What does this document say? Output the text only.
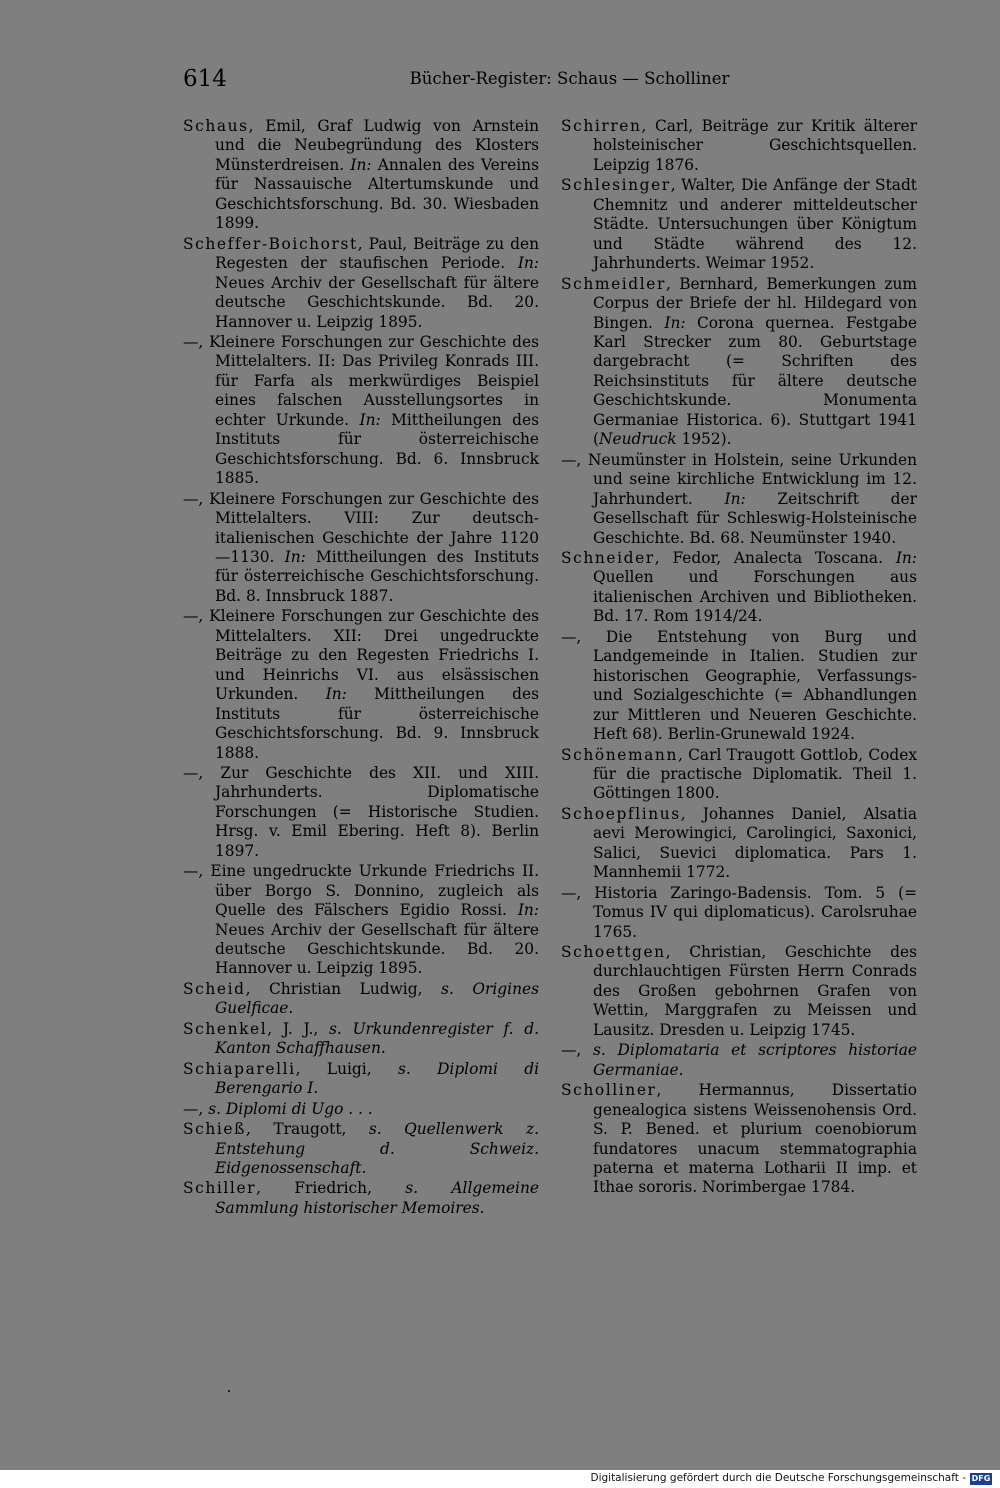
614	Bücher-Register: Schaus — Scholliner

Schaus, Emil, Graf Ludwig von Arnstein und die Neubegründung des Klosters Münsterdreisen. In: Annalen des Vereins für Nassauische Altertumskunde und Geschichtsforschung. Bd. 30. Wiesbaden 1899.

Scheffer-Boichorst, Paul, Beiträge zu den Regesten der staufischen Periode. In: Neues Archiv der Gesellschaft für ältere deutsche Geschichtskunde. Bd. 20. Hannover u. Leipzig 1895.

—, Kleinere Forschungen zur Geschichte des Mittelalters. II: Das Privileg Konrads III. für Farfa als merkwürdiges Beispiel eines falschen Ausstellungsortes in echter Urkunde. In: Mittheilungen des Instituts für österreichische Geschichtsforschung. Bd. 6. Innsbruck 1885.

—, Kleinere Forschungen zur Geschichte des Mittelalters. VIII: Zur deutsch-italienischen Geschichte der Jahre 1120—1130. In: Mittheilungen des Instituts für österreichische Geschichtsforschung. Bd. 8. Innsbruck 1887.

—, Kleinere Forschungen zur Geschichte des Mittelalters. XII: Drei ungedruckte Beiträge zu den Regesten Friedrichs I. und Heinrichs VI. aus elsässischen Urkunden. In: Mittheilungen des Instituts für österreichische Geschichtsforschung. Bd. 9. Innsbruck 1888.

—, Zur Geschichte des XII. und XIII. Jahrhunderts. Diplomatische Forschungen (= Historische Studien. Hrsg. v. Emil Ebering. Heft 8). Berlin 1897.

—, Eine ungedruckte Urkunde Friedrichs II. über Borgo S. Donnino, zugleich als Quelle des Fälschers Egidio Rossi. In: Neues Archiv der Gesellschaft für ältere deutsche Geschichtskunde. Bd. 20. Hannover u. Leipzig 1895.

Scheid, Christian Ludwig, s. Origines Guelficae.

Schenkel, J. J., s. Urkundenregister f. d. Kanton Schaffhausen.

Schiaparelli, Luigi, s. Diplomi di Berengario I.

—, s. Diplomi di Ugo . . .

Schieß, Traugott, s. Quellenwerk z. Entstehung d. Schweiz. Eidgenossenschaft.

Schiller, Friedrich, s. Allgemeine Sammlung historischer Memoires.

Schirren, Carl, Beiträge zur Kritik älterer holsteinischer Geschichtsquellen. Leipzig 1876.

Schlesinger, Walter, Die Anfänge der Stadt Chemnitz und anderer mitteldeutscher Städte. Untersuchungen über Königtum und Städte während des 12. Jahrhunderts. Weimar 1952.

Schmeidler, Bernhard, Bemerkungen zum Corpus der Briefe der hl. Hildegard von Bingen. In: Corona quernea. Festgabe Karl Strecker zum 80. Geburtstage dargebracht (= Schriften des Reichsinstituts für ältere deutsche Geschichtskunde. Monumenta Germaniae Historica. 6). Stuttgart 1941 (Neudruck 1952).

—, Neumünster in Holstein, seine Urkunden und seine kirchliche Entwicklung im 12. Jahrhundert. In: Zeitschrift der Gesellschaft für Schleswig-Holsteinische Geschichte. Bd. 68. Neumünster 1940.

Schneider, Fedor, Analecta Toscana. In: Quellen und Forschungen aus italienischen Archiven und Bibliotheken. Bd. 17. Rom 1914/24.

—, Die Entstehung von Burg und Landgemeinde in Italien. Studien zur historischen Geographie, Verfassungs- und Sozialgeschichte (= Abhandlungen zur Mittleren und Neueren Geschichte. Heft 68). Berlin-Grunewald 1924.

Schönemann, Carl Traugott Gottlob, Codex für die practische Diplomatik. Theil 1. Göttingen 1800.

Schoepflinus, Johannes Daniel, Alsatia aevi Merowingici, Carolingici, Saxonici, Salici, Suevici diplomatica. Pars 1. Mannhemii 1772.

—, Historia Zaringo-Badensis. Tom. 5 (= Tomus IV qui diplomaticus). Carolsruhae 1765.

Schoettgen, Christian, Geschichte des durchlauchtigen Fürsten Herrn Conrads des Großen gebohrnen Grafen von Wettin, Marggrafen zu Meissen und Lausitz. Dresden u. Leipzig 1745.

—, s. Diplomataria et scriptores historiae Germaniae.

Scholliner, Hermannus, Dissertatio genealogica sistens Weissenohensis Ord. S. P. Bened. et plurium coenobiorum fundatores unacum stemmatographia paterna et materna Lotharii II imp. et Ithae sororis. Norimbergae 1784.

Digitalisierung gefördert durch die Deutsche Forschungsgemeinschaft - DFG
